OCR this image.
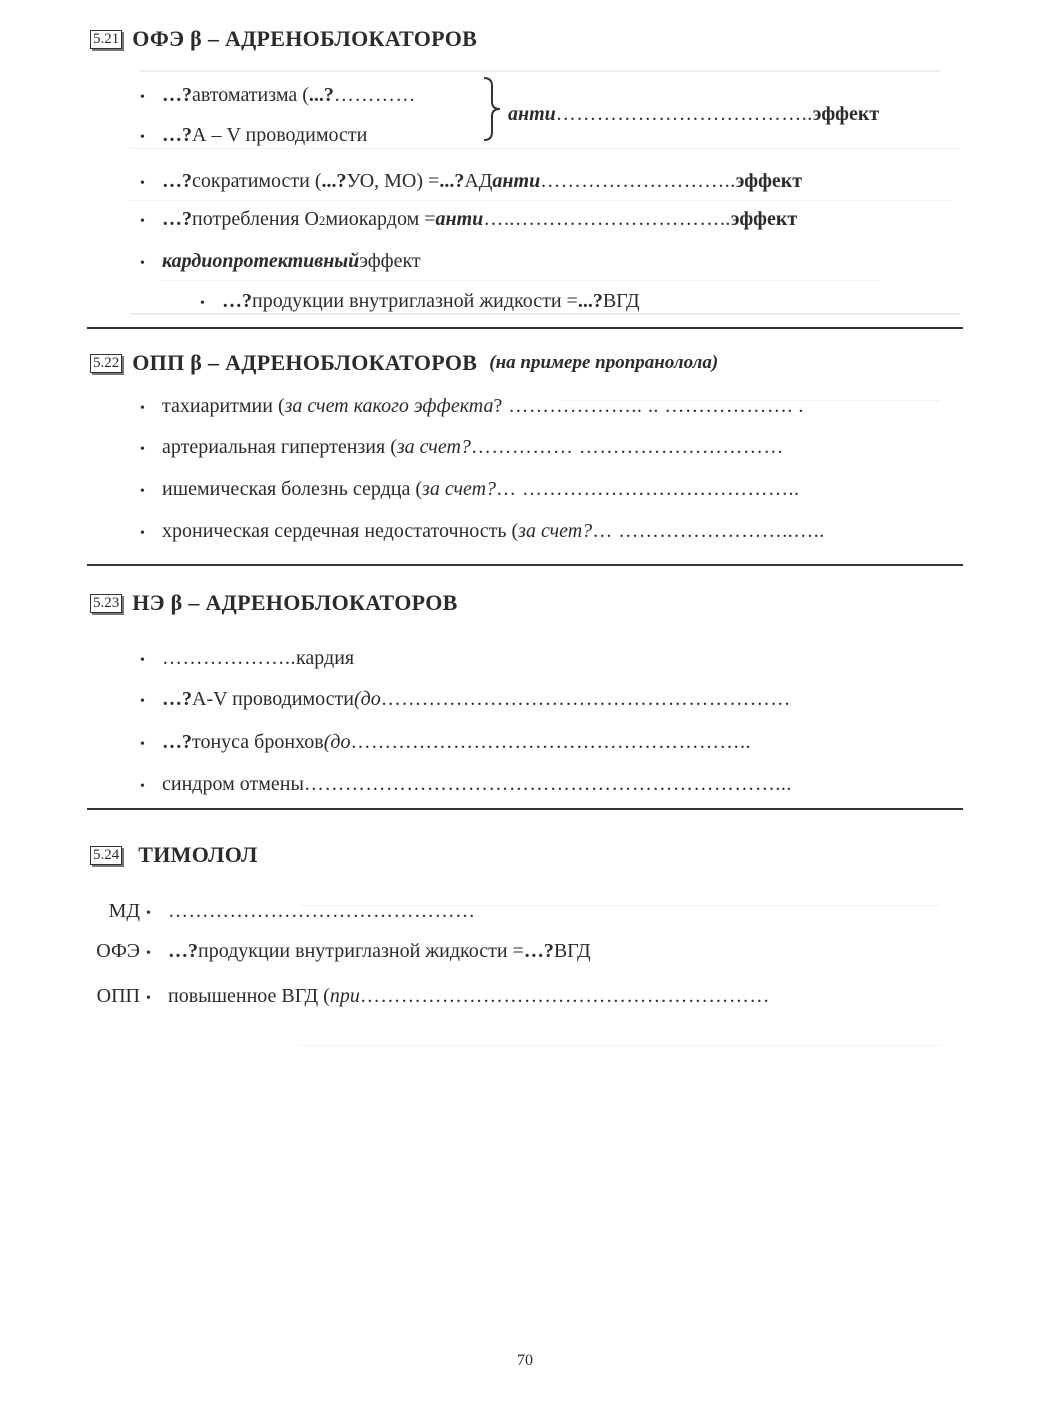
5.21 ОФЭ β – АДРЕНОБЛОКАТОРОВ
• …? автоматизма ( ...? …………
• …? А – V проводимости
анти………………………………..эффект
• …? сократимости ( ...? УО, МО) = ...? АД анти ……………………….. эффект
• …? потребления O 2 миокардом = анти …..………………………….. эффект
• кардиопротективный эффект
• …? продукции внутриглазной жидкости = ...? ВГД
5.22 ОПП β – АДРЕНОБЛОКАТОРОВ (на примере пропранолола)
• тахиаритмии ( за счет какого эффекта ? ……………….. .. ………………. .
• артериальная гипертензия ( за счет? …………… …………………………
• ишемическая болезнь сердца ( за счет? … …………………………………..
• хроническая сердечная недостаточность ( за счет? … ……………………..…..
5.23 НЭ β – АДРЕНОБЛОКАТОРОВ
• ……………….. кардия
• …? А-V проводимости (до ……………………………………………………
• …? тонуса бронхов (до …………………………………………………..
• синдром отмены ……………………………………………………………...
5.24 ТИМОЛОЛ
МД • ………………………………………
ОФЭ • …? продукции внутриглазной жидкости = …? ВГД
ОПП • повышенное ВГД ( при ……………………………………………………
70
